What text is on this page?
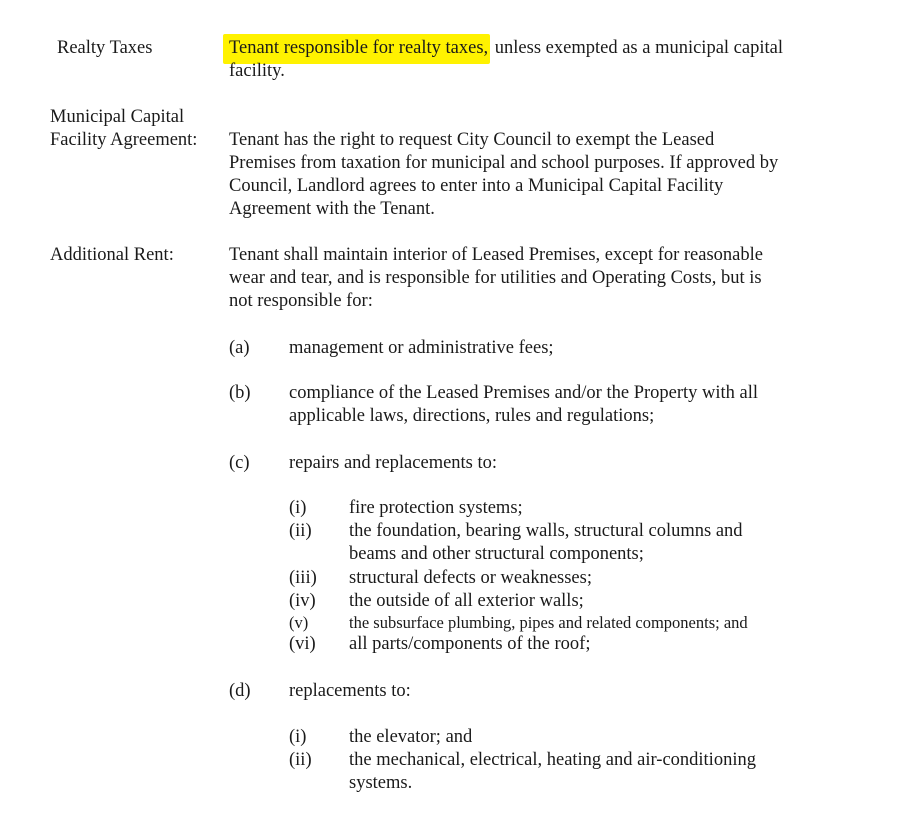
Realty Taxes	Tenant responsible for realty taxes, unless exempted as a municipal capital
facility.
Municipal Capital
Facility Agreement: Tenant has the right to request City Council to exempt the Leased
Premises from taxation for municipal and school purposes. If approved by
Council, Landlord agrees to enter into a Municipal Capital Facility
Agreement with the Tenant.
Additional Rent:	Tenant shall maintain interior of Leased Premises, except for reasonable
wear and tear, and is responsible for utilities and Operating Costs, but is
not responsible for:
(a) management or administrative fees;
(b) compliance of the Leased Premises and/or the Property with all
applicable laws, directions, rules and regulations;
(c) repairs and replacements to:
(i) fire protection systems;
(ii) the foundation, bearing walls, structural columns and
beams and other structural components;
(iii) structural defects or weaknesses;
(iv) the outside of all exterior walls;
(v) the subsurface plumbing, pipes and related components; and
(vi) all parts/components of the roof;
(d) replacements to:
(i) the elevator; and
(ii) the mechanical, electrical, heating and air-conditioning
systems.
